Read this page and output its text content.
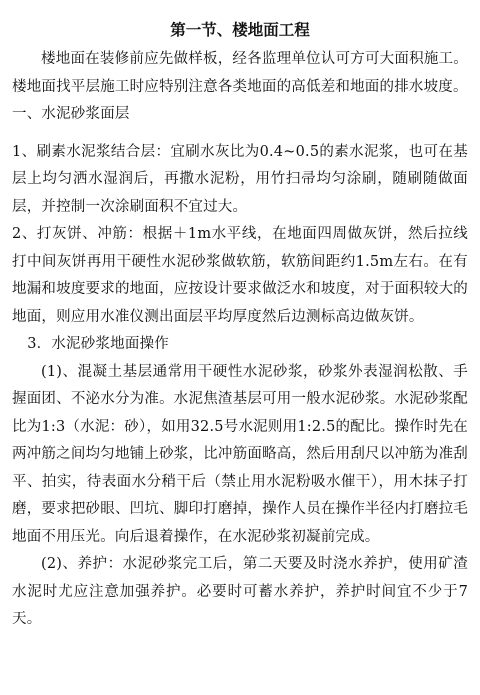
第一节、楼地面工程

楼地面在装修前应先做样板，经各监理单位认可方可大面积施工。楼地面找平层施工时应特别注意各类地面的高低差和地面的排水坡度。

一、水泥砂浆面层

1、刷素水泥浆结合层：宜刷水灰比为0.4~0.5的素水泥浆，也可在基层上均匀洒水湿润后，再撒水泥粉，用竹扫帚均匀涂刷，随刷随做面层，并控制一次涂刷面积不宜过大。

2、打灰饼、冲筋：根据＋1m水平线，在地面四周做灰饼，然后拉线打中间灰饼再用干硬性水泥砂浆做软筋，软筋间距约1.5m左右。在有地漏和坡度要求的地面，应按设计要求做泛水和坡度，对于面积较大的地面，则应用水准仪测出面层平均厚度然后边测标高边做灰饼。

3．水泥砂浆地面操作

(1)、混凝土基层通常用干硬性水泥砂浆，砂浆外表湿润松散、手握面团、不泌水分为准。水泥焦渣基层可用一般水泥砂浆。水泥砂浆配比为1:3（水泥：砂），如用32.5号水泥则用1:2.5的配比。操作时先在两冲筋之间均匀地铺上砂浆，比冲筋面略高，然后用刮尺以冲筋为准刮平、拍实，待表面水分稍干后（禁止用水泥粉吸水催干），用木抹子打磨，要求把砂眼、凹坑、脚印打磨掉，操作人员在操作半径内打磨拉毛地面不用压光。向后退着操作，在水泥砂浆初凝前完成。

(2)、养护：水泥砂浆完工后，第二天要及时浇水养护，使用矿渣水泥时尤应注意加强养护。必要时可蓄水养护，养护时间宜不少于7天。
